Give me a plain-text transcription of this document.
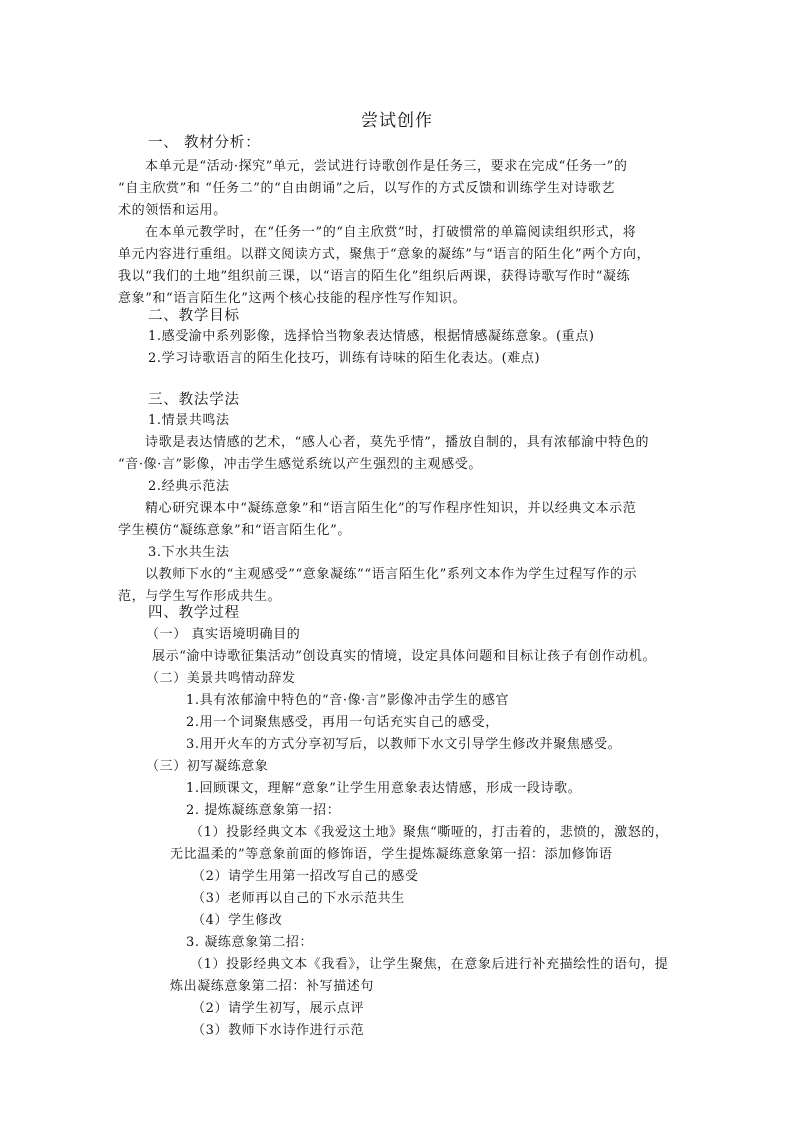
尝试创作
一、 教材分析：
本单元是“活动·探究”单元，尝试进行诗歌创作是任务三，要求在完成“任务一”的
“自主欣赏”和 “任务二”的“自由朗诵”之后，以写作的方式反馈和训练学生对诗歌艺
术的领悟和运用。
在本单元教学时，在“任务一”的“自主欣赏”时，打破惯常的单篇阅读组织形式，将
单元内容进行重组。以群文阅读方式，聚焦于“意象的凝练”与“语言的陌生化”两个方向，
我以“我们的土地”组织前三课，以“语言的陌生化”组织后两课，获得诗歌写作时“凝练
意象”和“语言陌生化”这两个核心技能的程序性写作知识。
二、教学目标
1.感受渝中系列影像，选择恰当物象表达情感，根据情感凝练意象。(重点)
2.学习诗歌语言的陌生化技巧，训练有诗味的陌生化表达。(难点)
三、教法学法
1.情景共鸣法
诗歌是表达情感的艺术，“感人心者，莫先乎情”，播放自制的，具有浓郁渝中特色的
“音·像·言”影像，冲击学生感觉系统以产生强烈的主观感受。
2.经典示范法
精心研究课本中“凝练意象”和“语言陌生化”的写作程序性知识，并以经典文本示范
学生模仿“凝练意象”和“语言陌生化”。
3.下水共生法
以教师下水的“主观感受”“意象凝练”“语言陌生化”系列文本作为学生过程写作的示
范，与学生写作形成共生。
四、教学过程
（一） 真实语境明确目的
展示“渝中诗歌征集活动”创设真实的情境，设定具体问题和目标让孩子有创作动机。
（二）美景共鸣情动辞发
1.具有浓郁渝中特色的“音·像·言”影像冲击学生的感官
2.用一个词聚焦感受，再用一句话充实自己的感受，
3.用开火车的方式分享初写后，以教师下水文引导学生修改并聚焦感受。
（三）初写凝练意象
1.回顾课文，理解“意象”让学生用意象表达情感，形成一段诗歌。
2. 提炼凝练意象第一招：
（1）投影经典文本《我爱这土地》聚焦“嘶哑的，打击着的，悲愤的，激怒的，
无比温柔的”等意象前面的修饰语，学生提炼凝练意象第一招：添加修饰语
（2）请学生用第一招改写自己的感受
（3）老师再以自己的下水示范共生
（4）学生修改
3. 凝练意象第二招：
（1）投影经典文本《我看》，让学生聚焦，在意象后进行补充描绘性的语句，提
炼出凝练意象第二招：补写描述句
（2）请学生初写，展示点评
（3）教师下水诗作进行示范
